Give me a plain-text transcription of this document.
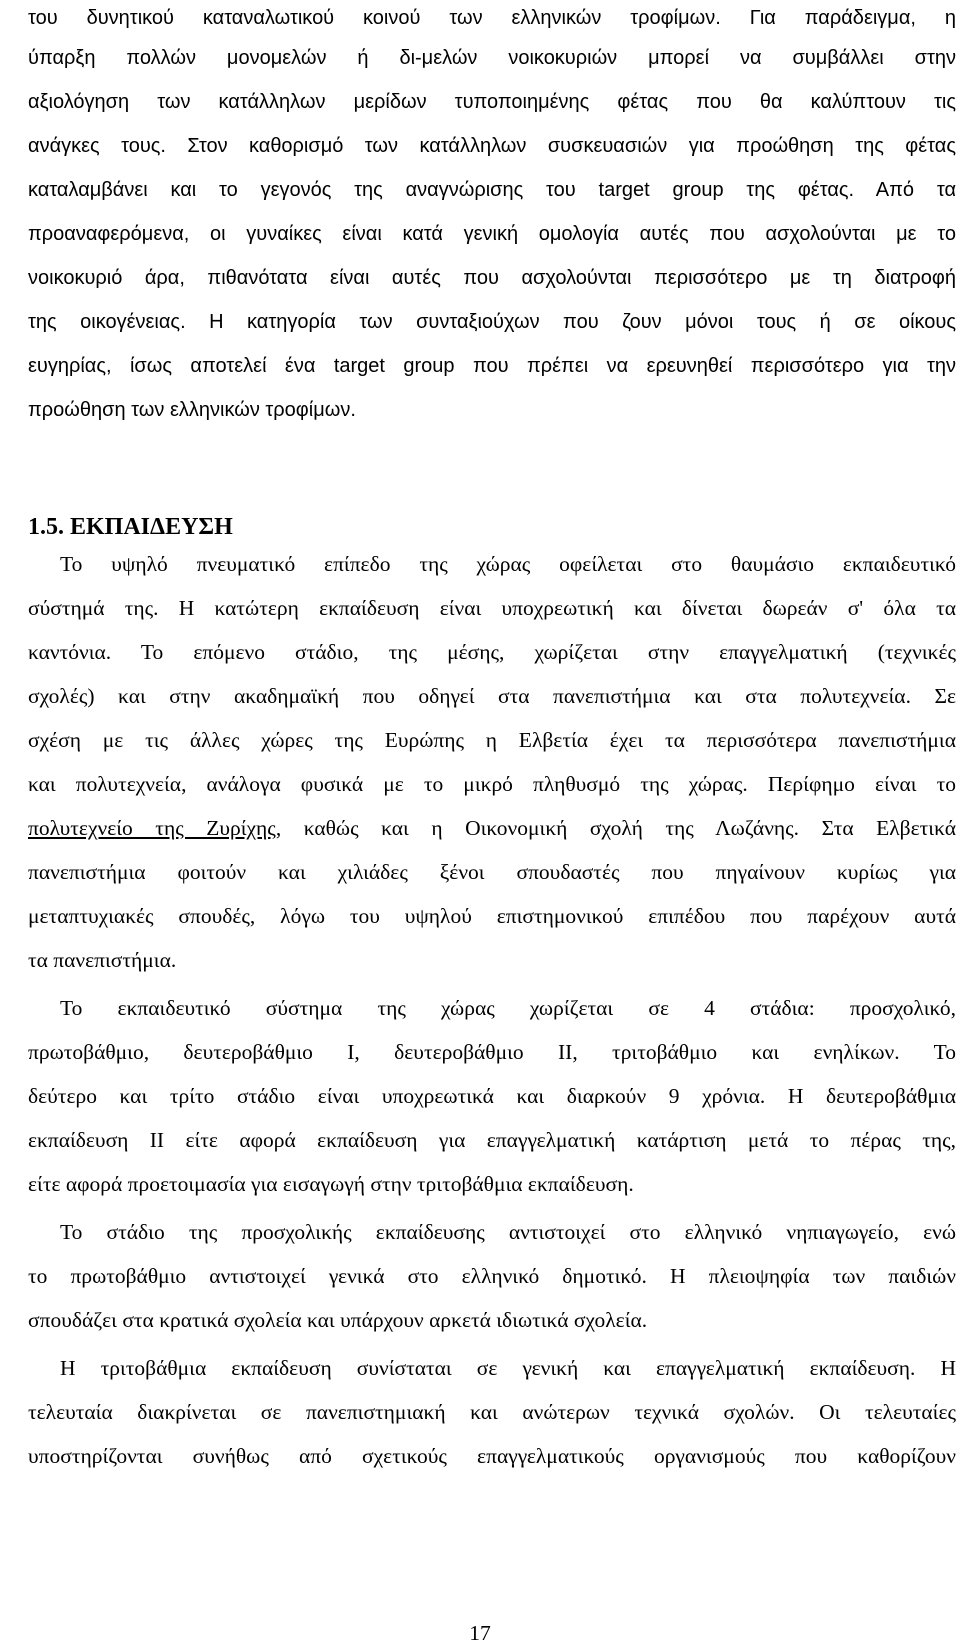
του δυνητικού καταναλωτικού κοινού των ελληνικών τροφίμων. Για παράδειγμα, η
ύπαρξη πολλών μονομελών ή δι-μελών νοικοκυριών μπορεί να συμβάλλει στην
αξιολόγηση των κατάλληλων μερίδων τυποποιημένης φέτας που θα καλύπτουν τις
ανάγκες τους. Στον καθορισμό των κατάλληλων συσκευασιών για προώθηση της φέτας
καταλαμβάνει και το γεγονός της αναγνώρισης του target group της φέτας. Από τα
προαναφερόμενα, οι γυναίκες είναι κατά γενική ομολογία αυτές που ασχολούνται με το
νοικοκυριό άρα, πιθανότατα είναι αυτές που ασχολούνται περισσότερο με τη διατροφή
της οικογένειας. Η κατηγορία των συνταξιούχων που ζουν μόνοι τους ή σε οίκους
ευγηρίας, ίσως αποτελεί ένα target group που πρέπει να ερευνηθεί περισσότερο για την
προώθηση των ελληνικών τροφίμων.
1.5. ΕΚΠΑΙΔΕΥΣΗ
Το υψηλό πνευματικό επίπεδο της χώρας οφείλεται στο θαυμάσιο εκπαιδευτικό
σύστημά της. Η κατώτερη εκπαίδευση είναι υποχρεωτική και δίνεται δωρεάν σ' όλα τα
καντόνια. Το επόμενο στάδιο, της μέσης, χωρίζεται στην επαγγελματική (τεχνικές
σχολές) και στην ακαδημαϊκή που οδηγεί στα πανεπιστήμια και στα πολυτεχνεία. Σε
σχέση με τις άλλες χώρες της Ευρώπης η Ελβετία έχει τα περισσότερα πανεπιστήμια
και πολυτεχνεία, ανάλογα φυσικά με το μικρό πληθυσμό της χώρας. Περίφημο είναι το
πολυτεχνείο της Ζυρίχης, καθώς και η Οικονομική σχολή της Λωζάνης. Στα Ελβετικά
πανεπιστήμια φοιτούν και χιλιάδες ξένοι σπουδαστές που πηγαίνουν κυρίως για
μεταπτυχιακές σπουδές, λόγω του υψηλού επιστημονικού επιπέδου που παρέχουν αυτά
τα πανεπιστήμια.
Το εκπαιδευτικό σύστημα της χώρας χωρίζεται σε 4 στάδια: προσχολικό,
πρωτοβάθμιο, δευτεροβάθμιο I, δευτεροβάθμιο II, τριτοβάθμιο και ενηλίκων. Το
δεύτερο και τρίτο στάδιο είναι υποχρεωτικά και διαρκούν 9 χρόνια. Η δευτεροβάθμια
εκπαίδευση II είτε αφορά εκπαίδευση για επαγγελματική κατάρτιση μετά το πέρας της,
είτε αφορά προετοιμασία για εισαγωγή στην τριτοβάθμια εκπαίδευση.
Το στάδιο της προσχολικής εκπαίδευσης αντιστοιχεί στο ελληνικό νηπιαγωγείο, ενώ
το πρωτοβάθμιο αντιστοιχεί γενικά στο ελληνικό δημοτικό. Η πλειοψηφία των παιδιών
σπουδάζει στα κρατικά σχολεία και υπάρχουν αρκετά ιδιωτικά σχολεία.
Η τριτοβάθμια εκπαίδευση συνίσταται σε γενική και επαγγελματική εκπαίδευση. Η
τελευταία διακρίνεται σε πανεπιστημιακή και ανώτερων τεχνικά σχολών. Οι τελευταίες
υποστηρίζονται συνήθως από σχετικούς επαγγελματικούς οργανισμούς που καθορίζουν
17
